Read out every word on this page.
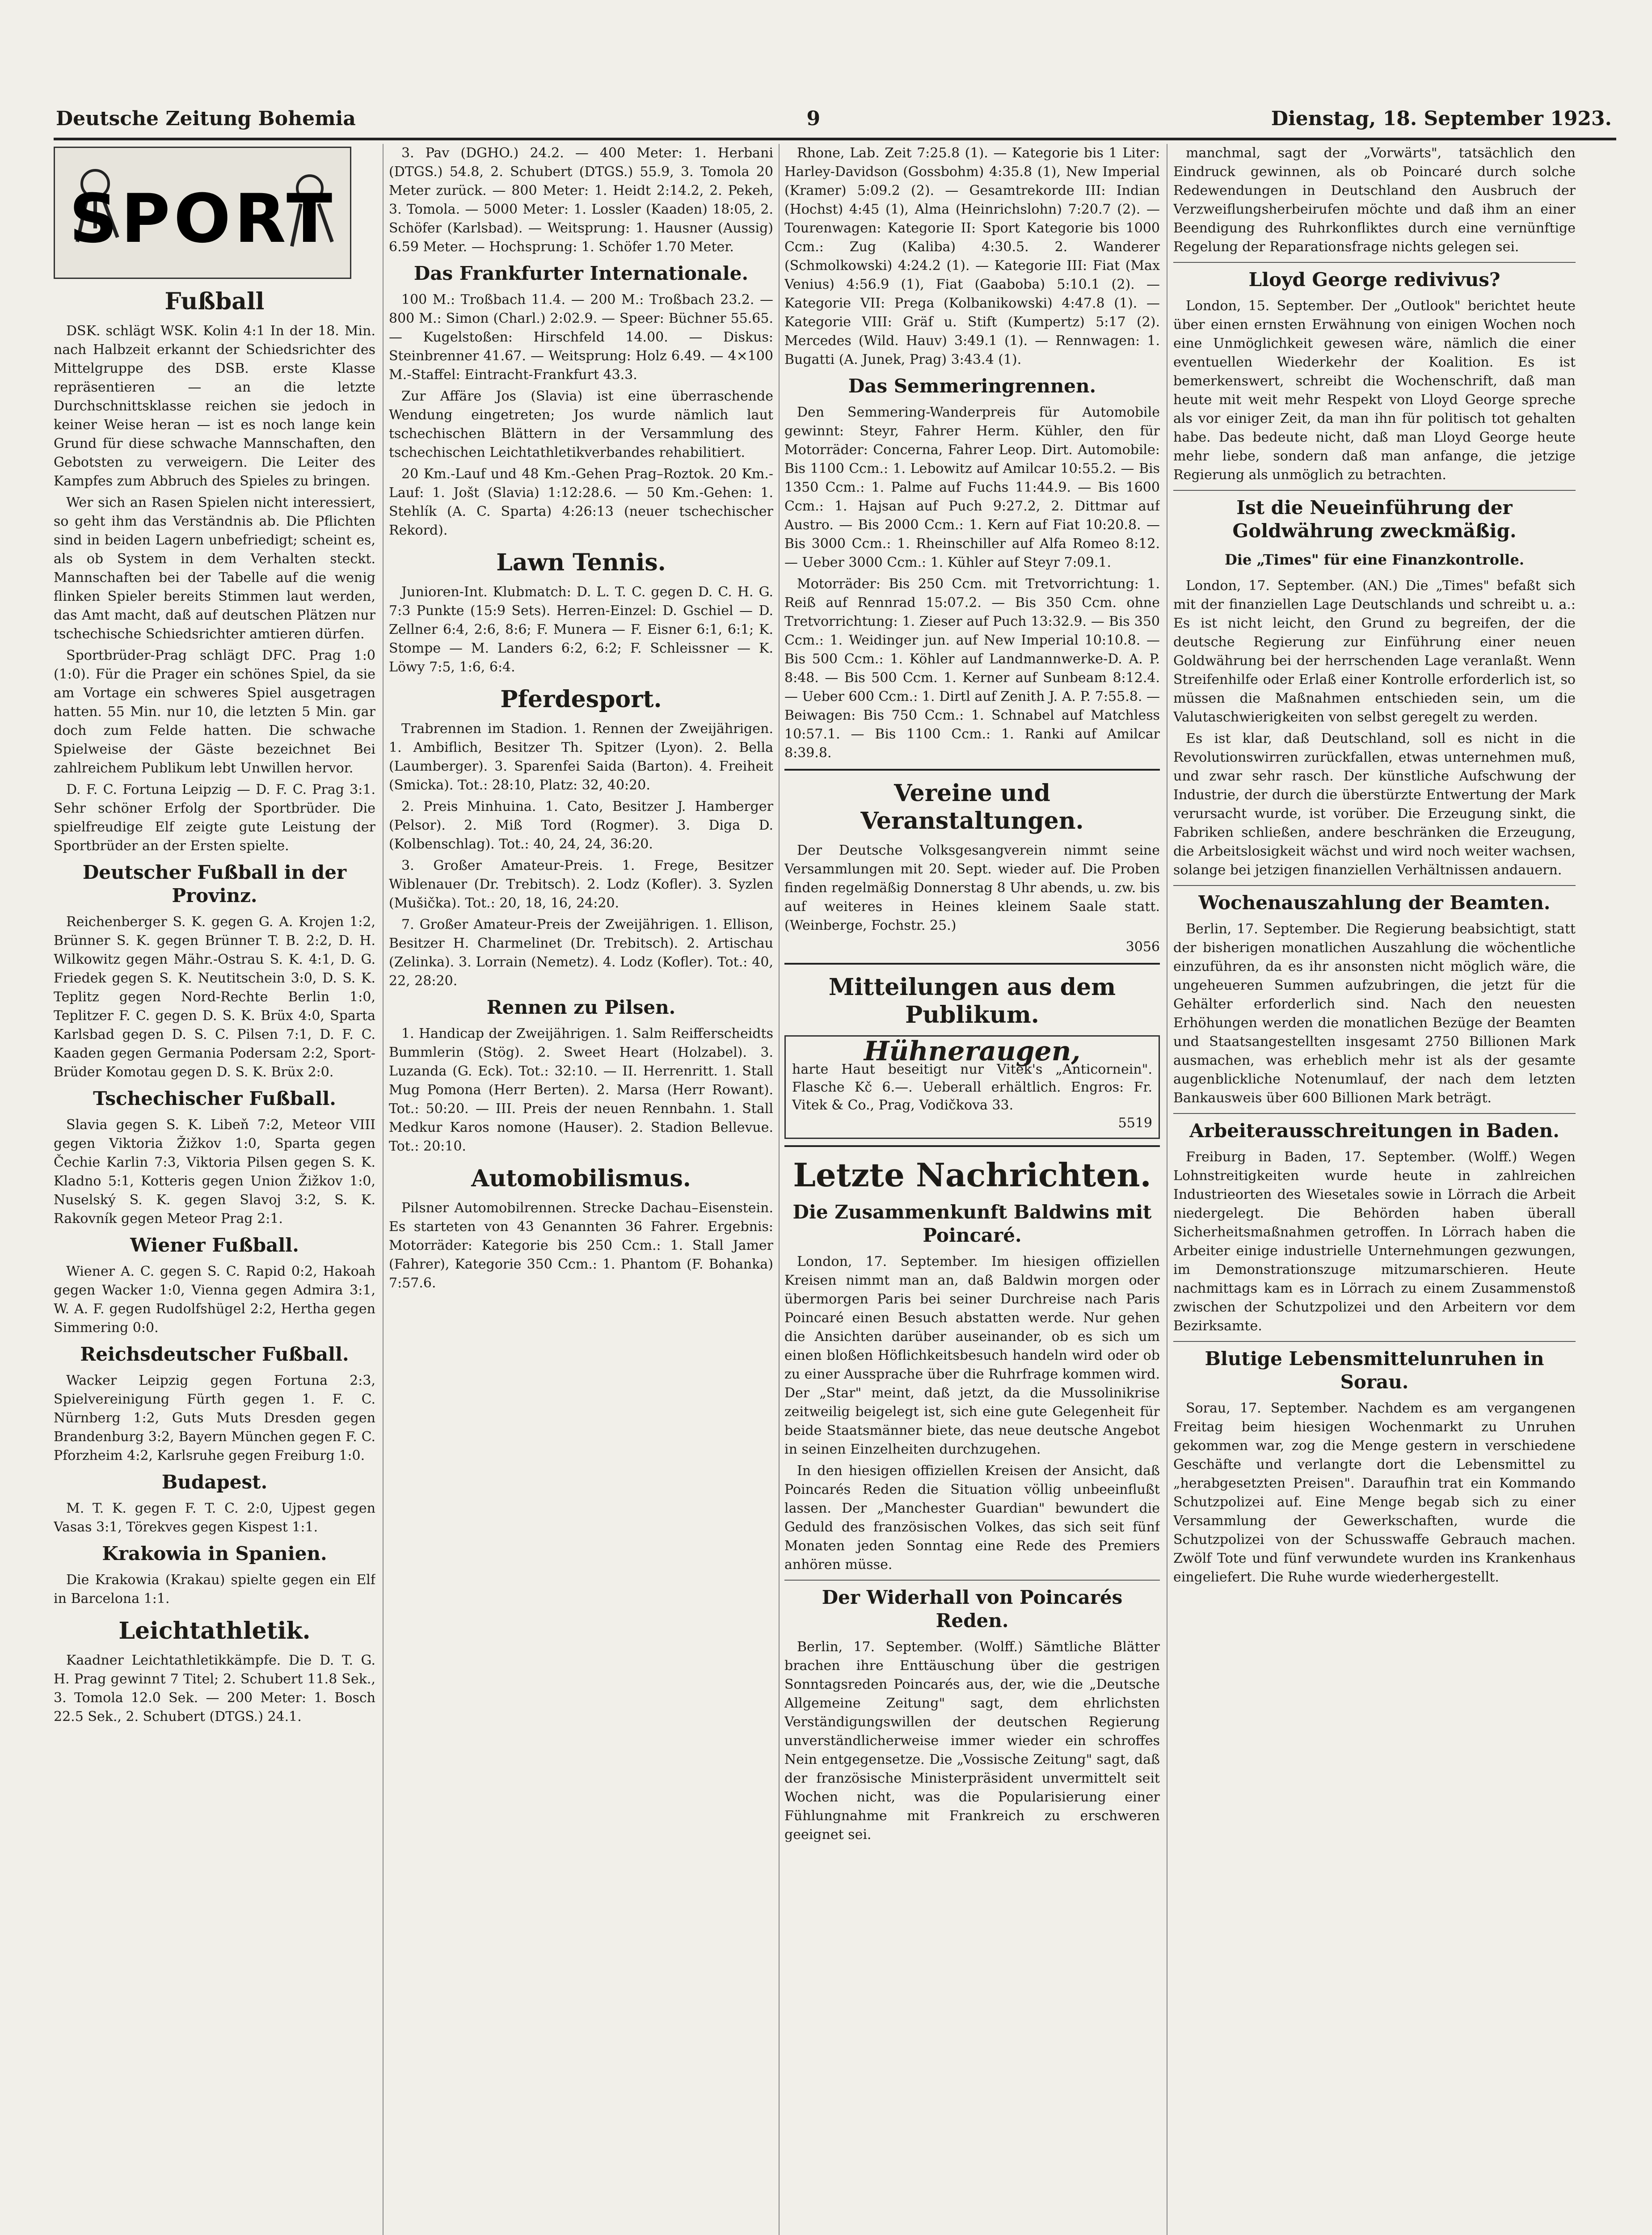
Deutsche Zeitung Bohemia	9	Dienstag, 18. September 1923.
SPORT
Fußball

DSK. schlägt WSK. Kolin 4:1 In der 18. Min. nach Halbzeit erkannt der Schiedsrichter des Mittelgruppe des DSB. erste Klasse repräsentieren — an die letzte Durchschnittsklasse reichen sie jedoch in keiner Weise heran — ist es noch lange kein Grund für diese schwache Mannschaften, den Gebotsten zu verweigern. Die Leiter des Kampfes zum Abbruch des Spieles zu bringen.

Wer sich an Rasen Spielen nicht interessiert, so geht ihm das Verständnis ab. Die Pflichten sind in beiden Lagern unbefriedigt; scheint es, als ob System in dem Verhalten steckt. Mannschaften bei der Tabelle auf die wenig flinken Spieler bereits Stimmen laut werden, das Amt macht, daß auf deutschen Plätzen nur tschechische Schiedsrichter amtieren dürfen.

Sportbrüder-Prag schlägt DFC. Prag 1:0 (1:0). Für die Prager ein schönes Spiel, da sie am Vortage ein schweres Spiel ausgetragen hatten. 55 Min. nur 10, die letzten 5 Min. gar doch zum Felde hatten. Die schwache Spielweise der Gäste bezeichnet Bei zahlreichem Publikum lebt Unwillen hervor.

D. F. C. Fortuna Leipzig — D. F. C. Prag 3:1. Sehr schöner Erfolg der Sportbrüder. Die spielfreudige Elf zeigte gute Leistung der Sportbrüder an der Ersten spielte.

Deutscher Fußball in der Provinz.

Reichenberger S. K. gegen G. A. Krojen 1:2, Brünner S. K. gegen Brünner T. B. 2:2, D. H. Wilkowitz gegen Mähr.-Ostrau S. K. 4:1, D. G. Friedek gegen S. K. Neutitschein 3:0, D. S. K. Teplitz gegen Nord-Rechte Berlin 1:0, Teplitzer F. C. gegen D. S. K. Brüx 4:0, Sparta Karlsbad gegen D. S. C. Pilsen 7:1, D. F. C. Kaaden gegen Germania Podersam 2:2, Sport-Brüder Komotau gegen D. S. K. Brüx 2:0.

Tschechischer Fußball.

Slavia gegen S. K. Libeň 7:2, Meteor VIII gegen Viktoria Žižkov 1:0, Sparta gegen Čechie Karlin 7:3, Viktoria Pilsen gegen S. K. Kladno 5:1, Kotteris gegen Union Žižkov 1:0, Nuselský S. K. gegen Slavoj 3:2, S. K. Rakovník gegen Meteor Prag 2:1.

Wiener Fußball.

Wiener A. C. gegen S. C. Rapid 0:2, Hakoah gegen Wacker 1:0, Vienna gegen Admira 3:1, W. A. F. gegen Rudolfshügel 2:2, Hertha gegen Simmering 0:0.

Reichsdeutscher Fußball.

Wacker Leipzig gegen Fortuna 2:3, Spielvereinigung Fürth gegen 1. F. C. Nürnberg 1:2, Guts Muts Dresden gegen Brandenburg 3:2, Bayern München gegen F. C. Pforzheim 4:2, Karlsruhe gegen Freiburg 1:0.

Budapest.

M. T. K. gegen F. T. C. 2:0, Ujpest gegen Vasas 3:1, Törekves gegen Kispest 1:1.

Krakowia in Spanien.

Die Krakowia (Krakau) spielte gegen ein Elf in Barcelona 1:1.

Leichtathletik.

Kaadner Leichtathletikkämpfe. Die D. T. G. H. Prag gewinnt 7 Titel; 2. Schubert 11.8 Sek., 3. Tomola 12.0 Sek. — 200 Meter: 1. Bosch 22.5 Sek., 2. Schubert (DTGS.) 24.1.

3. Pav (DGHO.) 24.2. — 400 Meter: 1. Herbani (DTGS.) 54.8, 2. Schubert (DTGS.) 55.9, 3. Tomola 20 Meter zurück. — 800 Meter: 1. Heidt 2:14.2, 2. Pekeh, 3. Tomola. — 5000 Meter: 1. Lossler (Kaaden) 18:05, 2. Schöfer (Karlsbad). — Weitsprung: 1. Hausner (Aussig) 6.59 Meter. — Hochsprung: 1. Schöfer 1.70 Meter.

Das Frankfurter Internationale.

100 M.: Troßbach 11.4. — 200 M.: Troßbach 23.2. — 800 M.: Simon (Charl.) 2:02.9. — Speer: Büchner 55.65. — Kugelstoßen: Hirschfeld 14.00. — Diskus: Steinbrenner 41.67. — Weitsprung: Holz 6.49. — 4×100 M.-Staffel: Eintracht-Frankfurt 43.3.

Zur Affäre Jos (Slavia) ist eine überraschende Wendung eingetreten; Jos wurde nämlich laut tschechischen Blättern in der Versammlung des tschechischen Leichtathletikverbandes rehabilitiert.

20 Km.-Lauf und 48 Km.-Gehen Prag–Roztok. 20 Km.-Lauf: 1. Jošt (Slavia) 1:12:28.6. — 50 Km.-Gehen: 1. Stehlík (A. C. Sparta) 4:26:13 (neuer tschechischer Rekord).

Lawn Tennis.

Junioren-Int. Klubmatch: D. L. T. C. gegen D. C. H. G. 7:3 Punkte (15:9 Sets). Herren-Einzel: D. Gschiel — D. Zellner 6:4, 2:6, 8:6; F. Munera — F. Eisner 6:1, 6:1; K. Stompe — M. Landers 6:2, 6:2; F. Schleissner — K. Löwy 7:5, 1:6, 6:4.

Pferdesport.

Trabrennen im Stadion. 1. Rennen der Zweijährigen. 1. Ambiflich, Besitzer Th. Spitzer (Lyon). 2. Bella (Laumberger). 3. Sparenfei Saida (Barton). 4. Freiheit (Smicka). Tot.: 28:10, Platz: 32, 40:20.

2. Preis Minhuina. 1. Cato, Besitzer J. Hamberger (Pelsor). 2. Miß Tord (Rogmer). 3. Diga D. (Kolbenschlag). Tot.: 40, 24, 24, 36:20.

3. Großer Amateur-Preis. 1. Frege, Besitzer Wiblenauer (Dr. Trebitsch). 2. Lodz (Kofler). 3. Syzlen (Mušička). Tot.: 20, 18, 16, 24:20.

7. Großer Amateur-Preis der Zweijährigen. 1. Ellison, Besitzer H. Charmelinet (Dr. Trebitsch). 2. Artischau (Zelinka). 3. Lorrain (Nemetz). 4. Lodz (Kofler). Tot.: 40, 22, 28:20.

Rennen zu Pilsen.

1. Handicap der Zweijährigen. 1. Salm Reifferscheidts Bummlerin (Stög). 2. Sweet Heart (Holzabel). 3. Luzanda (G. Eck). Tot.: 32:10. — II. Herrenritt. 1. Stall Mug Pomona (Herr Berten). 2. Marsa (Herr Rowant). Tot.: 50:20. — III. Preis der neuen Rennbahn. 1. Stall Medkur Karos nomone (Hauser). 2. Stadion Bellevue. Tot.: 20:10.

Automobilismus.

Pilsner Automobilrennen. Strecke Dachau–Eisenstein. Es starteten von 43 Genannten 36 Fahrer. Ergebnis: Motorräder: Kategorie bis 250 Ccm.: 1. Stall Jamer (Fahrer), Kategorie 350 Ccm.: 1. Phantom (F. Bohanka) 7:57.6.

Rhone, Lab. Zeit 7:25.8 (1). — Kategorie bis 1 Liter: Harley-Davidson (Gossbohm) 4:35.8 (1), New Imperial (Kramer) 5:09.2 (2). — Gesamtrekorde III: Indian (Hochst) 4:45 (1), Alma (Heinrichslohn) 7:20.7 (2). — Tourenwagen: Kategorie II: Sport Kategorie bis 1000 Ccm.: Zug (Kaliba) 4:30.5. 2. Wanderer (Schmolkowski) 4:24.2 (1). — Kategorie III: Fiat (Max Venius) 4:56.9 (1), Fiat (Gaaboba) 5:10.1 (2). — Kategorie VII: Prega (Kolbanikowski) 4:47.8 (1). — Kategorie VIII: Gräf u. Stift (Kumpertz) 5:17 (2). Mercedes (Wild. Hauv) 3:49.1 (1). — Rennwagen: 1. Bugatti (A. Junek, Prag) 3:43.4 (1).

Das Semmeringrennen.

Den Semmering-Wanderpreis für Automobile gewinnt: Steyr, Fahrer Herm. Kühler, den für Motorräder: Concerna, Fahrer Leop. Dirt. Automobile: Bis 1100 Ccm.: 1. Lebowitz auf Amilcar 10:55.2. — Bis 1350 Ccm.: 1. Palme auf Fuchs 11:44.9. — Bis 1600 Ccm.: 1. Hajsan auf Puch 9:27.2, 2. Dittmar auf Austro. — Bis 2000 Ccm.: 1. Kern auf Fiat 10:20.8. — Bis 3000 Ccm.: 1. Rheinschiller auf Alfa Romeo 8:12. — Ueber 3000 Ccm.: 1. Kühler auf Steyr 7:09.1.

Motorräder: Bis 250 Ccm. mit Tretvorrichtung: 1. Reiß auf Rennrad 15:07.2. — Bis 350 Ccm. ohne Tretvorrichtung: 1. Zieser auf Puch 13:32.9. — Bis 350 Ccm.: 1. Weidinger jun. auf New Imperial 10:10.8. — Bis 500 Ccm.: 1. Köhler auf Landmannwerke-D. A. P. 8:48. — Bis 500 Ccm. 1. Kerner auf Sunbeam 8:12.4. — Ueber 600 Ccm.: 1. Dirtl auf Zenith J. A. P. 7:55.8. — Beiwagen: Bis 750 Ccm.: 1. Schnabel auf Matchless 10:57.1. — Bis 1100 Ccm.: 1. Ranki auf Amilcar 8:39.8.

Vereine und Veranstaltungen.

Der Deutsche Volksgesangverein nimmt seine Versammlungen mit 20. Sept. wieder auf. Die Proben finden regelmäßig Donnerstag 8 Uhr abends, u. zw. bis auf weiteres in Heines kleinem Saale statt. (Weinberge, Fochstr. 25.)

3056
Mitteilungen aus dem Publikum.
Hühneraugen,
harte Haut beseitigt nur Vitek's „Anticornein". Flasche Kč 6.—. Ueberall erhältlich. Engros: Fr. Vitek & Co., Prag, Vodičkova 33.
5519
Letzte Nachrichten.
Die Zusammenkunft Baldwins mit Poincaré.

London, 17. September. Im hiesigen offiziellen Kreisen nimmt man an, daß Baldwin morgen oder übermorgen Paris bei seiner Durchreise nach Paris Poincaré einen Besuch abstatten werde. Nur gehen die Ansichten darüber auseinander, ob es sich um einen bloßen Höflichkeitsbesuch handeln wird oder ob zu einer Aussprache über die Ruhrfrage kommen wird. Der „Star" meint, daß jetzt, da die Mussolinikrise zeitweilig beigelegt ist, sich eine gute Gelegenheit für beide Staatsmänner biete, das neue deutsche Angebot in seinen Einzelheiten durchzugehen.

In den hiesigen offiziellen Kreisen der Ansicht, daß Poincarés Reden die Situation völlig unbeeinflußt lassen. Der „Manchester Guardian" bewundert die Geduld des französischen Volkes, das sich seit fünf Monaten jeden Sonntag eine Rede des Premiers anhören müsse.

Der Widerhall von Poincarés Reden.

Berlin, 17. September. (Wolff.) Sämtliche Blätter brachen ihre Enttäuschung über die gestrigen Sonntagsreden Poincarés aus, der, wie die „Deutsche Allgemeine Zeitung" sagt, dem ehrlichsten Verständigungswillen der deutschen Regierung unverständlicherweise immer wieder ein schroffes Nein entgegensetze. Die „Vossische Zeitung" sagt, daß der französische Ministerpräsident unvermittelt seit Wochen nicht, was die Popularisierung einer Fühlungnahme mit Frankreich zu erschweren geeignet sei.

manchmal, sagt der „Vorwärts", tatsächlich den Eindruck gewinnen, als ob Poincaré durch solche Redewendungen in Deutschland den Ausbruch der Verzweiflungsherbeirufen möchte und daß ihm an einer Beendigung des Ruhrkonfliktes durch eine vernünftige Regelung der Reparationsfrage nichts gelegen sei.

Lloyd George redivivus?

London, 15. September. Der „Outlook" berichtet heute über einen ernsten Erwähnung von einigen Wochen noch eine Unmöglichkeit gewesen wäre, nämlich die einer eventuellen Wiederkehr der Koalition. Es ist bemerkenswert, schreibt die Wochenschrift, daß man heute mit weit mehr Respekt von Lloyd George spreche als vor einiger Zeit, da man ihn für politisch tot gehalten habe. Das bedeute nicht, daß man Lloyd George heute mehr liebe, sondern daß man anfange, die jetzige Regierung als unmöglich zu betrachten.

Ist die Neueinführung der Goldwährung zweckmäßig.
Die „Times" für eine Finanzkontrolle.

London, 17. September. (AN.) Die „Times" befaßt sich mit der finanziellen Lage Deutschlands und schreibt u. a.: Es ist nicht leicht, den Grund zu begreifen, der die deutsche Regierung zur Einführung einer neuen Goldwährung bei der herrschenden Lage veranlaßt. Wenn Streifenhilfe oder Erlaß einer Kontrolle erforderlich ist, so müssen die Maßnahmen entschieden sein, um die Valutaschwierigkeiten von selbst geregelt zu werden.

Es ist klar, daß Deutschland, soll es nicht in die Revolutionswirren zurückfallen, etwas unternehmen muß, und zwar sehr rasch. Der künstliche Aufschwung der Industrie, der durch die überstürzte Entwertung der Mark verursacht wurde, ist vorüber. Die Erzeugung sinkt, die Fabriken schließen, andere beschränken die Erzeugung, die Arbeitslosigkeit wächst und wird noch weiter wachsen, solange bei jetzigen finanziellen Verhältnissen andauern.

Wochenauszahlung der Beamten.

Berlin, 17. September. Die Regierung beabsichtigt, statt der bisherigen monatlichen Auszahlung die wöchentliche einzuführen, da es ihr ansonsten nicht möglich wäre, die ungeheueren Summen aufzubringen, die jetzt für die Gehälter erforderlich sind. Nach den neuesten Erhöhungen werden die monatlichen Bezüge der Beamten und Staatsangestellten insgesamt 2750 Billionen Mark ausmachen, was erheblich mehr ist als der gesamte augenblickliche Notenumlauf, der nach dem letzten Bankausweis über 600 Billionen Mark beträgt.

Arbeiterausschreitungen in Baden.

Freiburg in Baden, 17. September. (Wolff.) Wegen Lohnstreitigkeiten wurde heute in zahlreichen Industrieorten des Wiesetales sowie in Lörrach die Arbeit niedergelegt. Die Behörden haben überall Sicherheitsmaßnahmen getroffen. In Lörrach haben die Arbeiter einige industrielle Unternehmungen gezwungen, im Demonstrationszuge mitzumarschieren. Heute nachmittags kam es in Lörrach zu einem Zusammenstoß zwischen der Schutzpolizei und den Arbeitern vor dem Bezirksamte.

Blutige Lebensmittelunruhen in Sorau.

Sorau, 17. September. Nachdem es am vergangenen Freitag beim hiesigen Wochenmarkt zu Unruhen gekommen war, zog die Menge gestern in verschiedene Geschäfte und verlangte dort die Lebensmittel zu „herabgesetzten Preisen". Daraufhin trat ein Kommando Schutzpolizei auf. Eine Menge begab sich zu einer Versammlung der Gewerkschaften, wurde die Schutzpolizei von der Schusswaffe Gebrauch machen. Zwölf Tote und fünf verwundete wurden ins Krankenhaus eingeliefert. Die Ruhe wurde wiederhergestellt.
